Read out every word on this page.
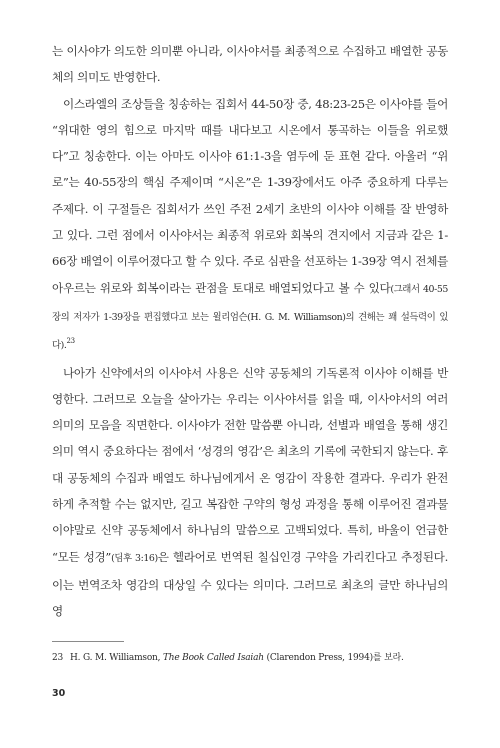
는 이사야가 의도한 의미뿐 아니라, 이사야서를 최종적으로 수집하고 배열한 공동체의 의미도 반영한다.

이스라엘의 조상들을 칭송하는 집회서 44-50장 중, 48:23-25은 이사야를 들어 “위대한 영의 힘으로 마지막 때를 내다보고 시온에서 통곡하는 이들을 위로했다”고 칭송한다. 이는 아마도 이사야 61:1-3을 염두에 둔 표현 같다. 아울러 “위로”는 40-55장의 핵심 주제이며 “시온”은 1-39장에서도 아주 중요하게 다루는 주제다. 이 구절들은 집회서가 쓰인 주전 2세기 초반의 이사야 이해를 잘 반영하고 있다. 그런 점에서 이사야서는 최종적 위로와 회복의 견지에서 지금과 같은 1-66장 배열이 이루어졌다고 할 수 있다. 주로 심판을 선포하는 1-39장 역시 전체를 아우르는 위로와 회복이라는 관점을 토대로 배열되었다고 볼 수 있다(그래서 40-55장의 저자가 1-39장을 편집했다고 보는 윌리엄슨(H. G. M. Williamson)의 견해는 꽤 설득력이 있다).$^{23}$

나아가 신약에서의 이사야서 사용은 신약 공동체의 기독론적 이사야 이해를 반영한다. 그러므로 오늘을 살아가는 우리는 이사야서를 읽을 때, 이사야서의 여러 의미의 모음을 직면한다. 이사야가 전한 말씀뿐 아니라, 선별과 배열을 통해 생긴 의미 역시 중요하다는 점에서 ‘성경의 영감’은 최초의 기록에 국한되지 않는다. 후대 공동체의 수집과 배열도 하나님에게서 온 영감이 작용한 결과다. 우리가 완전하게 추적할 수는 없지만, 길고 복잡한 구약의 형성 과정을 통해 이루어진 결과물이야말로 신약 공동체에서 하나님의 말씀으로 고백되었다. 특히, 바울이 언급한 “모든 성경”(딤후 3:16)은 헬라어로 번역된 칠십인경 구약을 가리킨다고 추정된다. 이는 번역조차 영감의 대상일 수 있다는 의미다. 그러므로 최초의 글만 하나님의 영

23 H. G. M. Williamson, The Book Called Isaiah (Clarendon Press, 1994)를 보라.
30
